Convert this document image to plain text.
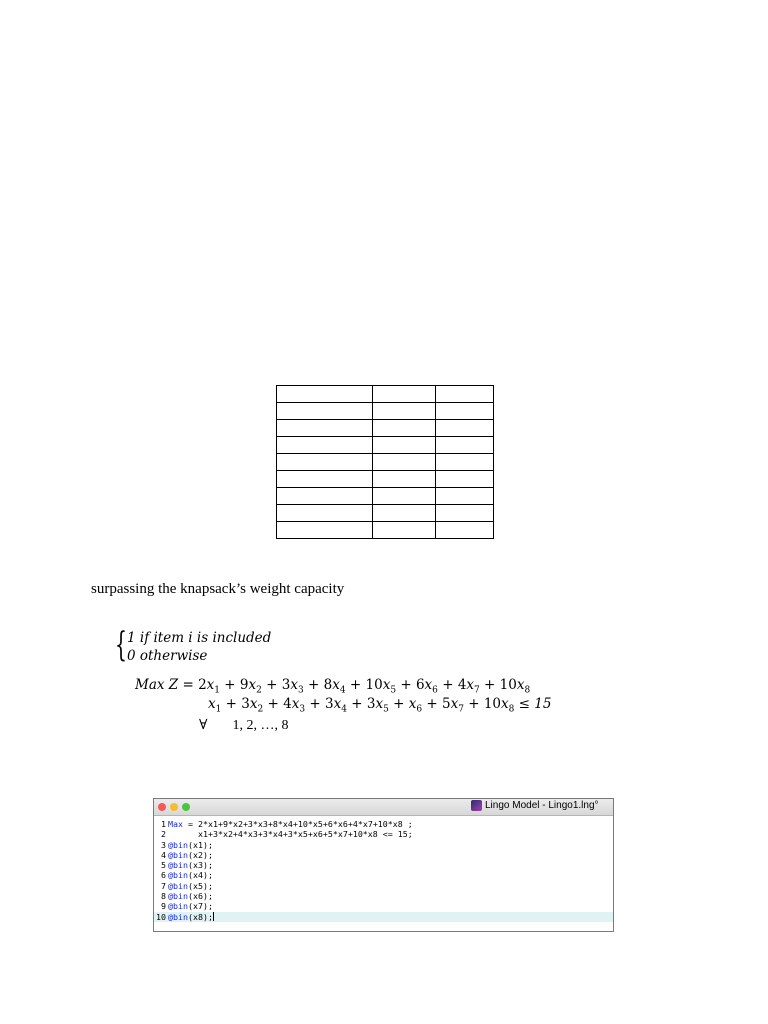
surpassing the knapsack’s weight capacity
{ 1 if item i is included
0 otherwise
Max $Z = 2x_1 + 9x_2 + 3x_3 + 8x_4 + 10x_5 + 6x_6 + 4x_7 + 10x_8$
$x_1 + 3x_2 + 4x_3 + 3x_4 + 3x_5 + x_6 + 5x_7 + 10x_8 \le 15$
∀ 1, 2, …, 8
Lingo Model - Lingo1.lng°
1 Max = 2*x1+9*x2+3*x3+8*x4+10*x5+6*x6+4*x7+10*x8 ;
2 x1+3*x2+4*x3+3*x4+3*x5+x6+5*x7+10*x8 <= 15;
3 @bin (x1);
4 @bin (x2);
5 @bin (x3);
6 @bin (x4);
7 @bin (x5);
8 @bin (x6);
9 @bin (x7);
10 @bin (x8);
